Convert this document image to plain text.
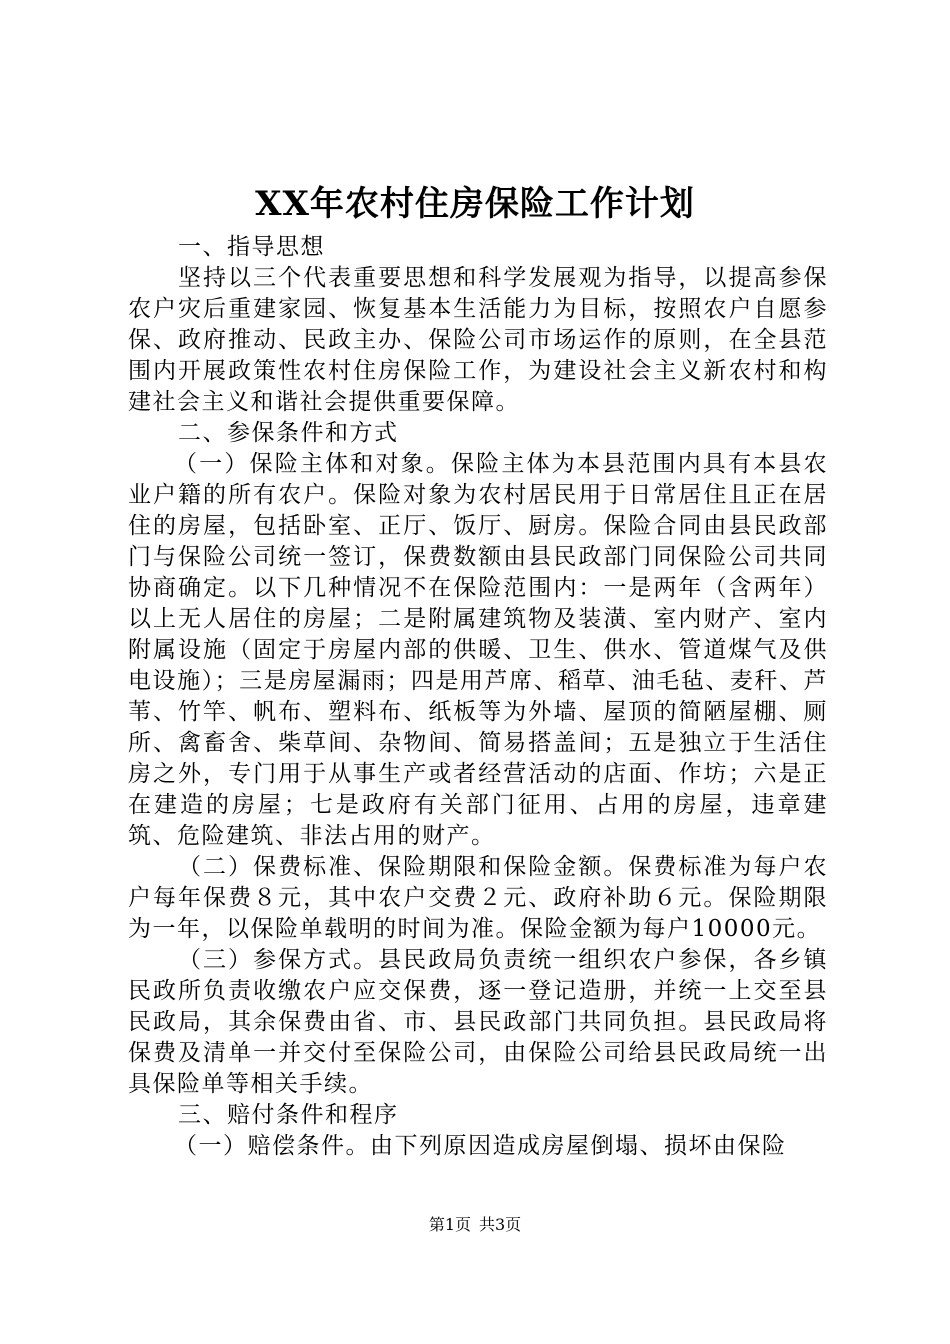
XX年农村住房保险工作计划

一、指导思想

坚持以三个代表重要思想和科学发展观为指导，以提高参保农户灾后重建家园、恢复基本生活能力为目标，按照农户自愿参保、政府推动、民政主办、保险公司市场运作的原则，在全县范围内开展政策性农村住房保险工作，为建设社会主义新农村和构建社会主义和谐社会提供重要保障。

二、参保条件和方式

（一）保险主体和对象。保险主体为本县范围内具有本县农业户籍的所有农户。保险对象为农村居民用于日常居住且正在居住的房屋，包括卧室、正厅、饭厅、厨房。保险合同由县民政部门与保险公司统一签订，保费数额由县民政部门同保险公司共同协商确定。以下几种情况不在保险范围内：一是两年（含两年）以上无人居住的房屋；二是附属建筑物及装潢、室内财产、室内附属设施（固定于房屋内部的供暖、卫生、供水、管道煤气及供电设施）；三是房屋漏雨；四是用芦席、稻草、油毛毡、麦秆、芦苇、竹竿、帆布、塑料布、纸板等为外墙、屋顶的简陋屋棚、厕所、禽畜舍、柴草间、杂物间、简易搭盖间；五是独立于生活住房之外，专门用于从事生产或者经营活动的店面、作坊；六是正在建造的房屋；七是政府有关部门征用、占用的房屋，违章建筑、危险建筑、非法占用的财产。

（二）保费标准、保险期限和保险金额。保费标准为每户农户每年保费８元，其中农户交费２元、政府补助６元。保险期限为一年，以保险单载明的时间为准。保险金额为每户10000元。

（三）参保方式。县民政局负责统一组织农户参保，各乡镇民政所负责收缴农户应交保费，逐一登记造册，并统一上交至县民政局，其余保费由省、市、县民政部门共同负担。县民政局将保费及清单一并交付至保险公司，由保险公司给县民政局统一出具保险单等相关手续。

三、赔付条件和程序

（一）赔偿条件。由下列原因造成房屋倒塌、损坏由保险

第1页 共3页
